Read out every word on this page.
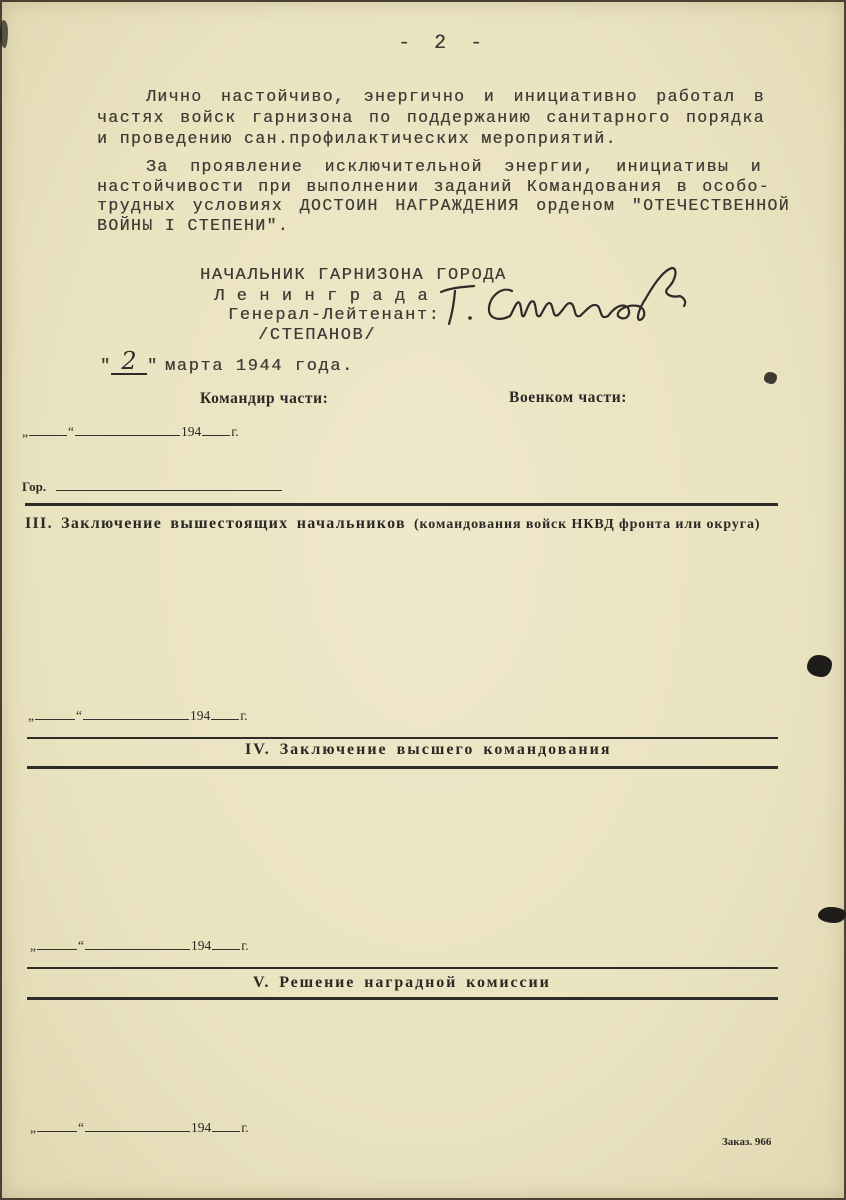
- 2 -
Лично настойчиво, энергично и инициативно работал в
частях войск гарнизона по поддержанию санитарного порядка
и проведению сан.профилактических мероприятий.
За проявление исключительной энергии, инициативы и
настойчивости при выполнении заданий Командования в особо-
трудных условиях ДОСТОИН НАГРАЖДЕНИЯ орденом "ОТЕЧЕСТВЕННОЙ
ВОЙНЫ I СТЕПЕНИ".
НАЧАЛЬНИК ГАРНИЗОНА ГОРОДА
Ленинграда
Генерал-Лейтенант:
/СТЕПАНОВ/
" 2 " марта 1944 года.
Командир части:	Военком части:
„	“	194 г.
Гор.
III. Заключение вышестоящих начальников (командования войск НКВД фронта или округа)
„	“	194 г.
IV. Заключение высшего командования
„	“	194 г.
V. Решение наградной комиссии
„	“	194 г.
Заказ. 966
